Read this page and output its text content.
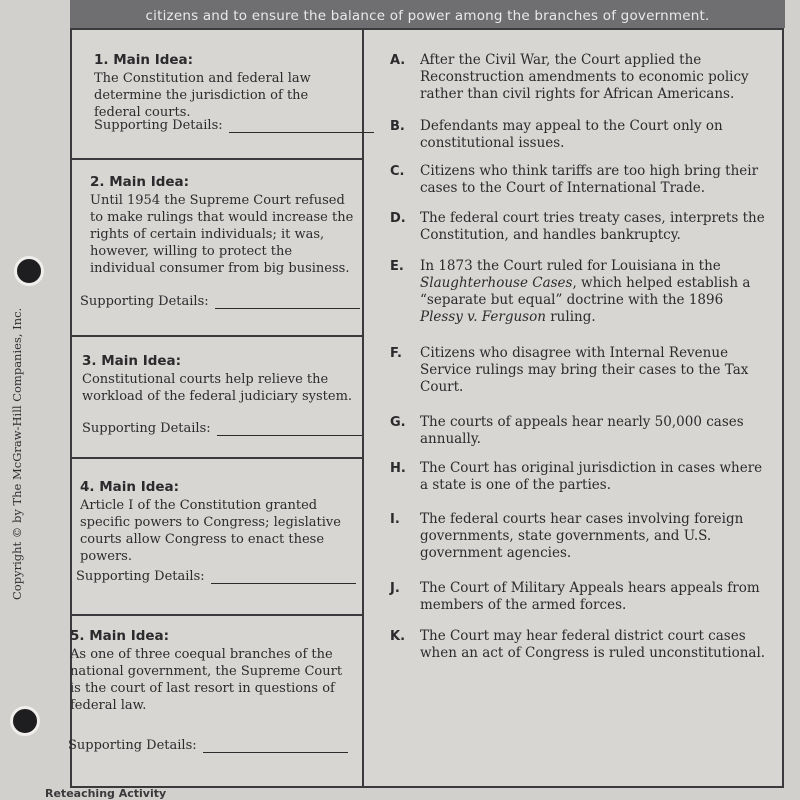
citizens and to ensure the balance of power among the branches of government.
Copyright © by The McGraw-Hill Companies, Inc.
1. Main Idea:
The Constitution and federal law determine the jurisdiction of the federal courts.
Supporting Details:
2. Main Idea:
Until 1954 the Supreme Court refused to make rulings that would increase the rights of certain individuals; it was, however, willing to protect the individual consumer from big business.
Supporting Details:
3. Main Idea:
Constitutional courts help relieve the workload of the federal judiciary system.
Supporting Details:
4. Main Idea:
Article I of the Constitution granted specific powers to Congress; legislative courts allow Congress to enact these powers.
Supporting Details:
5. Main Idea:
As one of three coequal branches of the national government, the Supreme Court is the court of last resort in questions of federal law.
Supporting Details:
A. After the Civil War, the Court applied the Reconstruction amendments to economic policy rather than civil rights for African Americans.
B. Defendants may appeal to the Court only on constitutional issues.
C. Citizens who think tariffs are too high bring their cases to the Court of International Trade.
D. The federal court tries treaty cases, interprets the Constitution, and handles bankruptcy.
E. In 1873 the Court ruled for Louisiana in the Slaughterhouse Cases, which helped establish a “separate but equal” doctrine with the 1896 Plessy v. Ferguson ruling.
F. Citizens who disagree with Internal Revenue Service rulings may bring their cases to the Tax Court.
G. The courts of appeals hear nearly 50,000 cases annually.
H. The Court has original jurisdiction in cases where a state is one of the parties.
I. The federal courts hear cases involving foreign governments, state governments, and U.S. government agencies.
J. The Court of Military Appeals hears appeals from members of the armed forces.
K. The Court may hear federal district court cases when an act of Congress is ruled unconstitutional.
Reteaching Activity
